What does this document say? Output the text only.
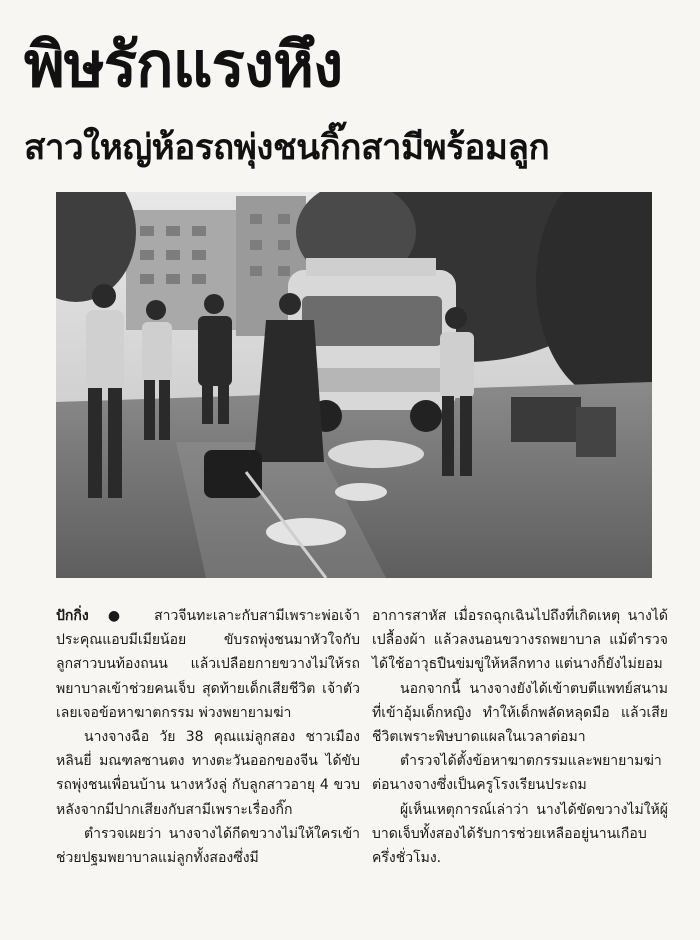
พิษรักแรงหึง
สาวใหญ่ห้อรถพุ่งชนกิ๊กสามีพร้อมลูก

ปักกิ่ง ● สาวจีนทะเลาะกับสามีเพราะพ่อเจ้าประคุณแอบมีเมียน้อย ขับรถพุ่งชนมาหัวใจกับลูกสาวบนท้องถนน แล้วเปลือยกายขวางไม่ให้รถพยาบาลเข้าช่วยคนเจ็บ สุดท้ายเด็กเสียชีวิต เจ้าตัวเลยเจอข้อหาฆาตกรรม พ่วงพยายามฆ่า

นางจางฉือ วัย 38 คุณแม่ลูกสอง ชาวเมืองหลินยี่ มณฑลซานตง ทางตะวันออกของจีน ได้ขับรถพุ่งชนเพื่อนบ้าน นางหวังลู่ กับลูกสาวอายุ 4 ขวบ หลังจากมีปากเสียงกับสามีเพราะเรื่องกิ๊ก

ตำรวจเผยว่า นางจางได้กีดขวางไม่ให้ใครเข้าช่วยปฐมพยาบาลแม่ลูกทั้งสองซึ่งมี

อาการสาหัส เมื่อรถฉุกเฉินไปถึงที่เกิดเหตุ นางได้เปลื้องผ้า แล้วลงนอนขวางรถพยาบาล แม้ตำรวจได้ใช้อาวุธปืนข่มขู่ให้หลีกทาง แต่นางก็ยังไม่ยอม

นอกจากนี้ นางจางยังได้เข้าตบตีแพทย์สนามที่เข้าอุ้มเด็กหญิง ทำให้เด็กพลัดหลุดมือ แล้วเสียชีวิตเพราะพิษบาดแผลในเวลาต่อมา

ตำรวจได้ตั้งข้อหาฆาตกรรมและพยายามฆ่าต่อนางจางซึ่งเป็นครูโรงเรียนประถม

ผู้เห็นเหตุการณ์เล่าว่า นางได้ขัดขวางไม่ให้ผู้บาดเจ็บทั้งสองได้รับการช่วยเหลืออยู่นานเกือบครึ่งชั่วโมง.
